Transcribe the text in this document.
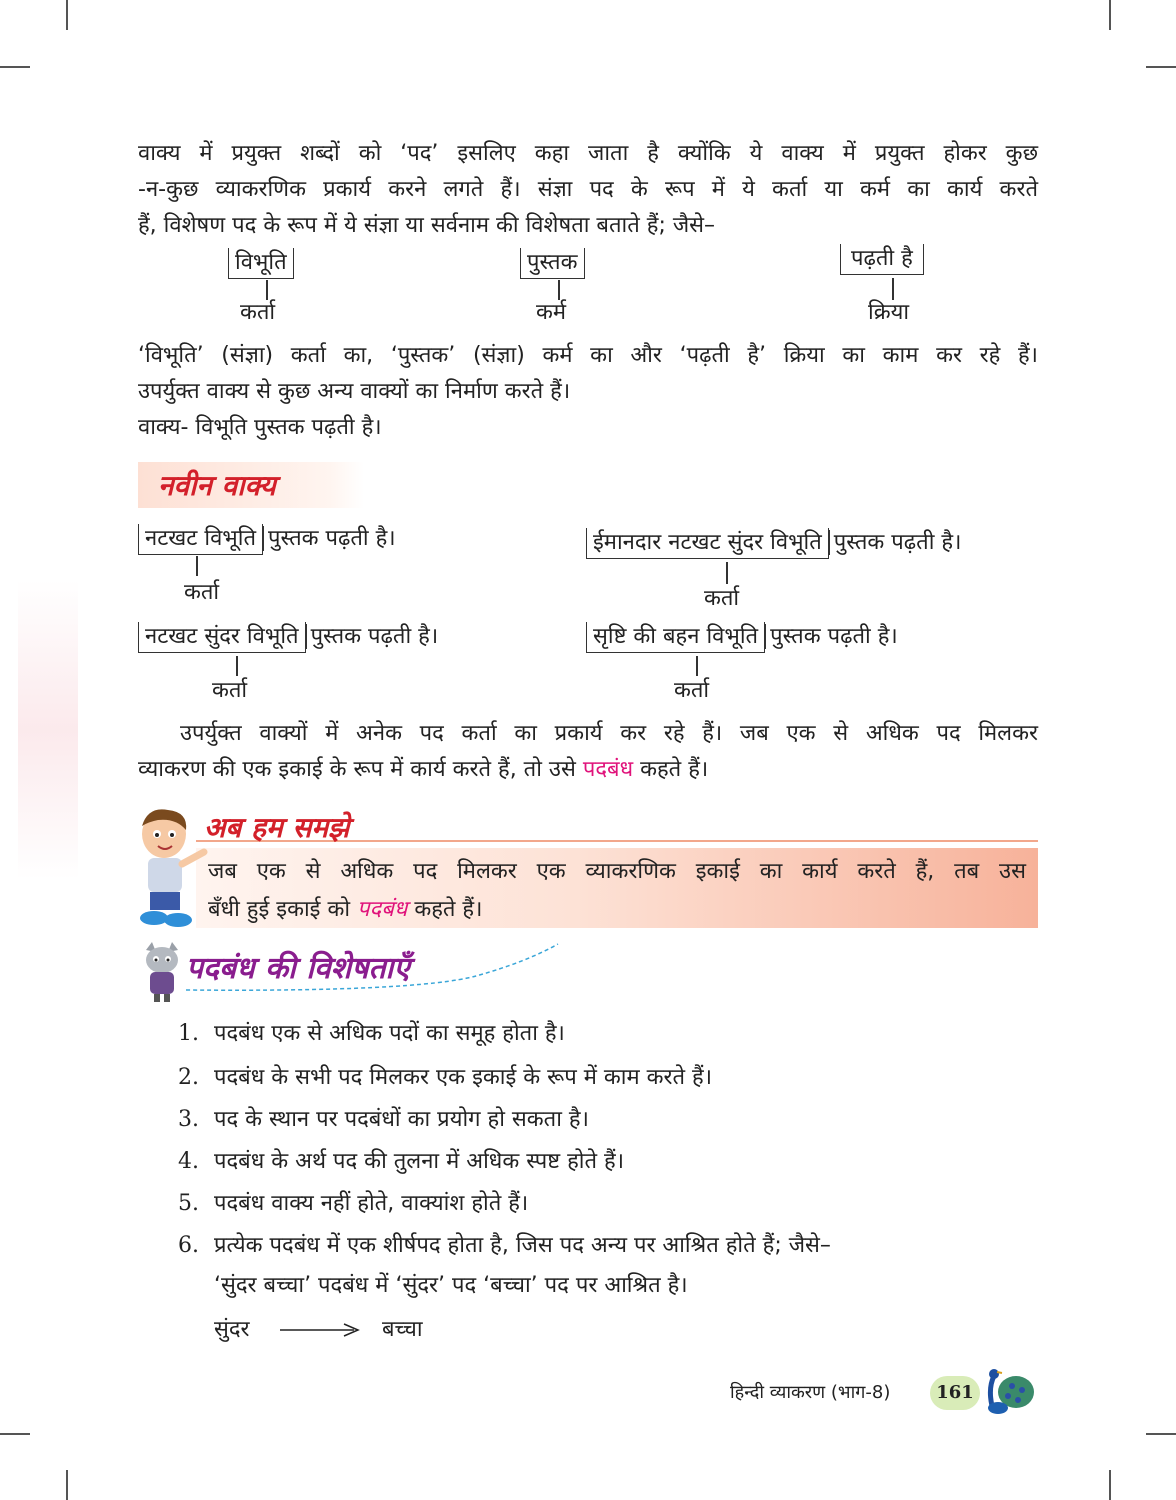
वाक्य में प्रयुक्त शब्दों को ‘पद’ इसलिए कहा जाता है क्योंकि ये वाक्य में प्रयुक्त होकर कुछ
-न-कुछ व्याकरणिक प्रकार्य करने लगते हैं। संज्ञा पद के रूप में ये कर्ता या कर्म का कार्य करते
हैं, विशेषण पद के रूप में ये संज्ञा या सर्वनाम की विशेषता बताते हैं; जैसे–
विभूति
कर्ता
पुस्तक
कर्म
पढ़ती है
क्रिया
‘विभूति’ (संज्ञा) कर्ता का, ‘पुस्तक’ (संज्ञा) कर्म का और ‘पढ़ती है’ क्रिया का काम कर रहे हैं।
उपर्युक्त वाक्य से कुछ अन्य वाक्यों का निर्माण करते हैं।
वाक्य- विभूति पुस्तक पढ़ती है।
नवीन वाक्य
नटखट विभूति पुस्तक पढ़ती है।
कर्ता
ईमानदार नटखट सुंदर विभूति पुस्तक पढ़ती है।
कर्ता
नटखट सुंदर विभूति पुस्तक पढ़ती है।
कर्ता
सृष्टि की बहन विभूति पुस्तक पढ़ती है।
कर्ता
उपर्युक्त वाक्यों में अनेक पद कर्ता का प्रकार्य कर रहे हैं। जब एक से अधिक पद मिलकर
व्याकरण की एक इकाई के रूप में कार्य करते हैं, तो उसे पदबंध कहते हैं।
अब हम समझे
जब एक से अधिक पद मिलकर एक व्याकरणिक इकाई का कार्य करते हैं, तब उस
बँधी हुई इकाई को पदबंध कहते हैं।
पदबंध की विशेषताएँ
1. पदबंध एक से अधिक पदों का समूह होता है।
2. पदबंध के सभी पद मिलकर एक इकाई के रूप में काम करते हैं।
3. पद के स्थान पर पदबंधों का प्रयोग हो सकता है।
4. पदबंध के अर्थ पद की तुलना में अधिक स्पष्ट होते हैं।
5. पदबंध वाक्य नहीं होते, वाक्यांश होते हैं।
6. प्रत्येक पदबंध में एक शीर्षपद होता है, जिस पद अन्य पर आश्रित होते हैं; जैसे–
‘सुंदर बच्चा’ पदबंध में ‘सुंदर’ पद ‘बच्चा’ पद पर आश्रित है।
सुंदर	बच्चा
हिन्दी व्याकरण (भाग-8)	161
